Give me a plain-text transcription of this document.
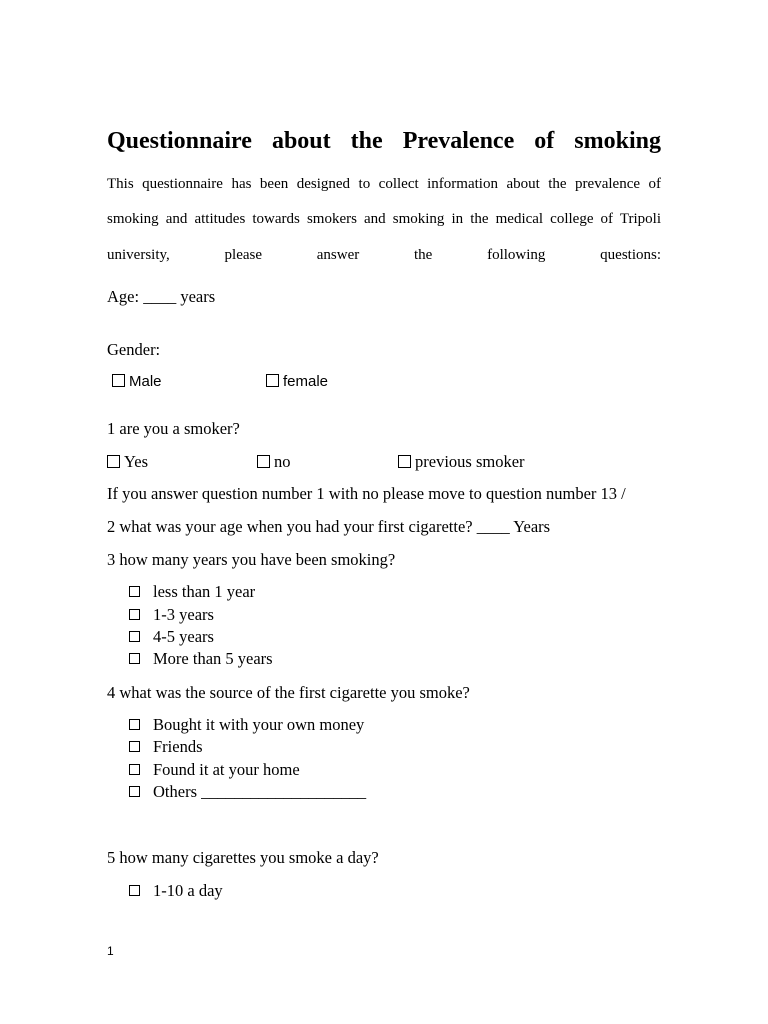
Questionnaire about the Prevalence of smoking
This questionnaire has been designed to collect information about the prevalence of
smoking and attitudes towards smokers and smoking in the medical college of Tripoli
university, please answer the following questions:
Age: ____ years
Gender:
Male	female
1 are you a smoker?
Yes	no	previous smoker
If you answer question number 1 with no please move to question number 13 /
2 what was your age when you had your first cigarette? ____ Years
3 how many years you have been smoking?
less than 1 year
1-3 years
4-5 years
More than 5 years
4 what was the source of the first cigarette you smoke?
Bought it with your own money
Friends
Found it at your home
Others ____________________
5 how many cigarettes you smoke a day?
1-10 a day
1
